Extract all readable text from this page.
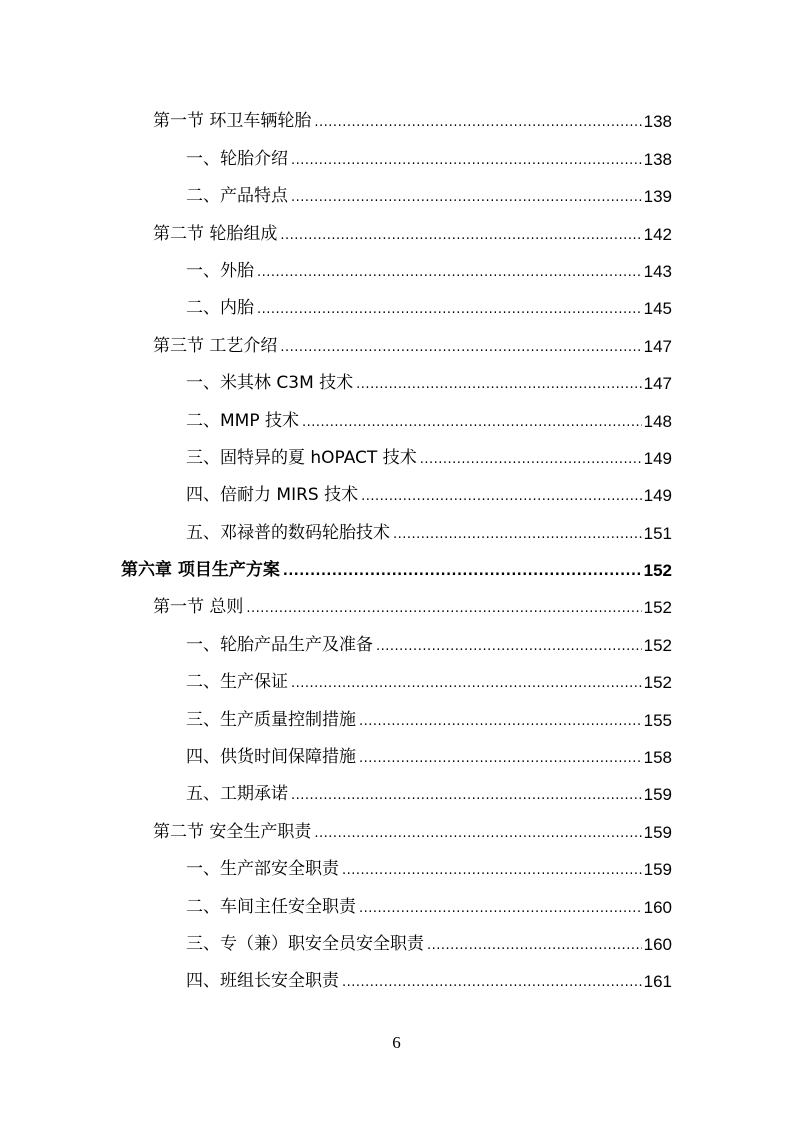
第一节 环卫车辆轮胎 .....	138
一、轮胎介绍 .....	138
二、产品特点 .....	139
第二节 轮胎组成 .....	142
一、外胎 .....	143
二、内胎 .....	145
第三节 工艺介绍 .....	147
一、米其林 C3M 技术 .....	147
二、MMP 技术 .....	148
三、固特异的夏 hOPACT 技术 .....	149
四、倍耐力 MIRS 技术 .....	149
五、邓禄普的数码轮胎技术 .....	151
第六章 项目生产方案 .....	152
第一节 总则 .....	152
一、轮胎产品生产及准备 .....	152
二、生产保证 .....	152
三、生产质量控制措施 .....	155
四、供货时间保障措施 .....	158
五、工期承诺 .....	159
第二节 安全生产职责 .....	159
一、生产部安全职责 .....	159
二、车间主任安全职责 .....	160
三、专（兼）职安全员安全职责 .....	160
四、班组长安全职责 .....	161
6
